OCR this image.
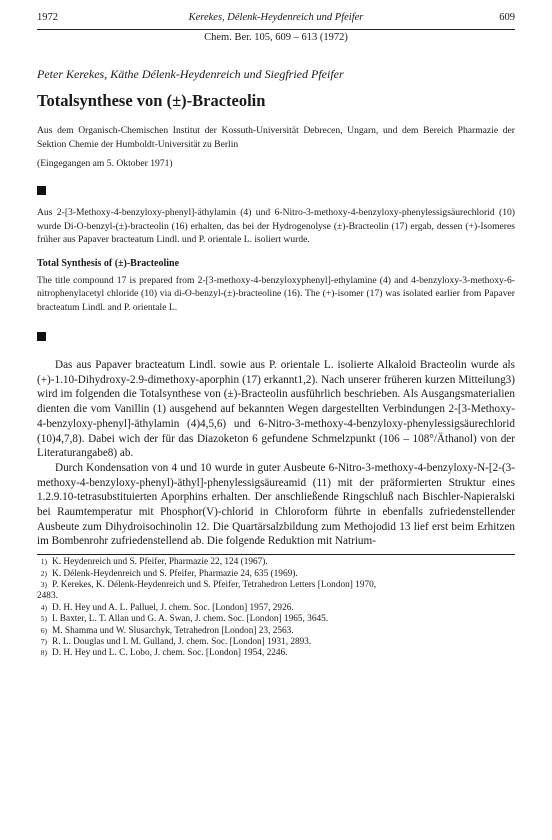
1972	Kerekes, Délenk-Heydenreich und Pfeifer	609
Chem. Ber. 105, 609 – 613 (1972)
Peter Kerekes, Käthe Délenk-Heydenreich und Siegfried Pfeifer
Totalsynthese von (±)-Bracteolin
Aus dem Organisch-Chemischen Institut der Kossuth-Universität Debrecen, Ungarn, und dem Bereich Pharmazie der Sektion Chemie der Humboldt-Universität zu Berlin
(Eingegangen am 5. Oktober 1971)
Aus 2-[3-Methoxy-4-benzyloxy-phenyl]-äthylamin (4) und 6-Nitro-3-methoxy-4-benzyloxy-phenylessigsäurechlorid (10) wurde Di-O-benzyl-(±)-bracteolin (16) erhalten, das bei der Hydrogenolyse (±)-Bracteolin (17) ergab, dessen (+)-Isomeres früher aus Papaver bracteatum Lindl. und P. orientale L. isoliert wurde.
Total Synthesis of (±)-Bracteoline
The title compound 17 is prepared from 2-[3-methoxy-4-benzyloxyphenyl]-ethylamine (4) and 4-benzyloxy-3-methoxy-6-nitrophenylacetyl chloride (10) via di-O-benzyl-(±)-bracteoline (16). The (+)-isomer (17) was isolated earlier from Papaver bracteatum Lindl. and P. orientale L.

Das aus Papaver bracteatum Lindl. sowie aus P. orientale L. isolierte Alkaloid Bracteolin wurde als (+)-1.10-Dihydroxy-2.9-dimethoxy-aporphin (17) erkannt1,2). Nach unserer früheren kurzen Mitteilung3) wird im folgenden die Totalsynthese von (±)-Bracteolin ausführlich beschrieben. Als Ausgangsmaterialien dienten die vom Vanillin (1) ausgehend auf bekannten Wegen dargestellten Verbindungen 2-[3-Methoxy-4-benzyloxy-phenyl]-äthylamin (4)4,5,6) und 6-Nitro-3-methoxy-4-benzyloxy-phenylessigsäurechlorid (10)4,7,8). Dabei wich der für das Diazoketon 6 gefundene Schmelzpunkt (106 – 108°/Äthanol) von der Literaturangabe8) ab.

Durch Kondensation von 4 und 10 wurde in guter Ausbeute 6-Nitro-3-methoxy-4-benzyloxy-N-[2-(3-methoxy-4-benzyloxy-phenyl)-äthyl]-phenylessigsäureamid (11) mit der präformierten Struktur eines 1.2.9.10-tetrasubstituierten Aporphins erhalten. Der anschließende Ringschluß nach Bischler-Napieralski bei Raumtemperatur mit Phosphor(V)-chlorid in Chloroform führte in ebenfalls zufriedenstellender Ausbeute zum Dihydroisochinolin 12. Die Quartärsalzbildung zum Methojodid 13 lief erst beim Erhitzen im Bombenrohr zufriedenstellend ab. Die folgende Reduktion mit Natrium-

1) K. Heydenreich und S. Pfeifer, Pharmazie 22, 124 (1967).
2) K. Délenk-Heydenreich und S. Pfeifer, Pharmazie 24, 635 (1969).
3) P. Kerekes, K. Délenk-Heydenreich und S. Pfeifer, Tetrahedron Letters [London] 1970,
2483.
4) D. H. Hey und A. L. Palluel, J. chem. Soc. [London] 1957, 2926.
5) I. Baxter, L. T. Allan und G. A. Swan, J. chem. Soc. [London] 1965, 3645.
6) M. Shamma und W. Slusarchyk, Tetrahedron [London] 23, 2563.
7) R. L. Douglas und I. M. Gulland, J. chem. Soc. [London] 1931, 2893.
8) D. H. Hey und L. C. Lobo, J. chem. Soc. [London] 1954, 2246.
